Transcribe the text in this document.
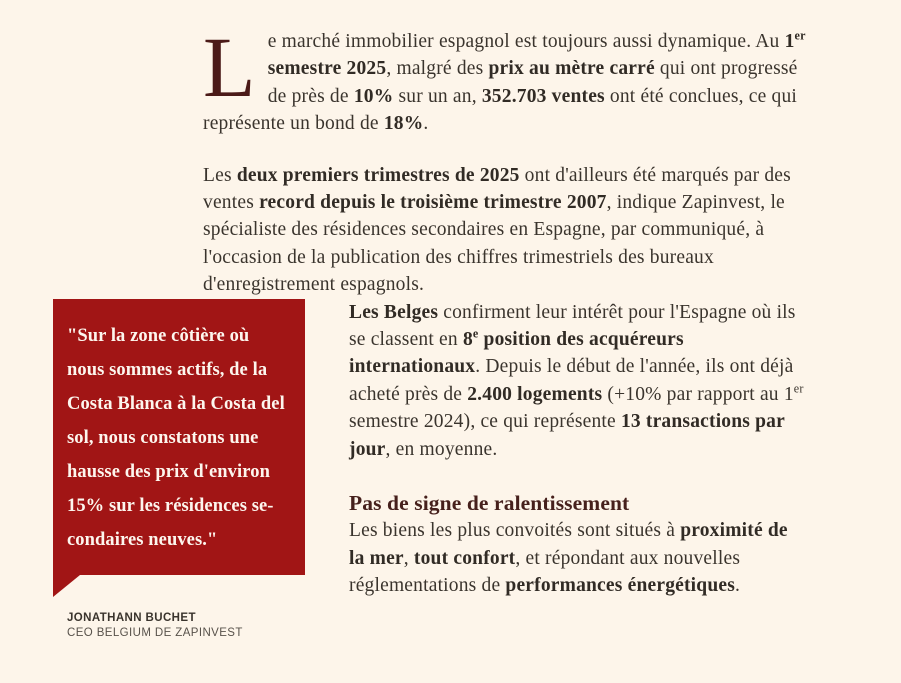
Le marché immobilier espagnol est toujours aussi dynamique. Au 1er semestre 2025, malgré des prix au mètre carré qui ont progressé de près de 10% sur un an, 352.703 ventes ont été conclues, ce qui représente un bond de 18%.

Les deux premiers trimestres de 2025 ont d'ailleurs été marqués par des ventes record depuis le troisième trimestre 2007, indique Zapinvest, le spécialiste des résidences secondaires en Espagne, par communiqué, à l'occasion de la publication des chiffres trimestriels des bureaux d'enregistrement espagnols.

"Sur la zone côtière où nous sommes actifs, de la Costa Blanca à la Costa del sol, nous constatons une hausse des prix d'environ 15% sur les résidences se-condaires neuves."

JONATHANN BUCHET
CEO BELGIUM DE ZAPINVEST

Les Belges confirment leur intérêt pour l'Espagne où ils se classent en 8e position des acquéreurs internationaux. Depuis le début de l'année, ils ont déjà acheté près de 2.400 logements (+10% par rapport au 1er semestre 2024), ce qui représente 13 transactions par jour, en moyenne.

Pas de signe de ralentissement

Les biens les plus convoités sont situés à proximité de la mer, tout confort, et répondant aux nouvelles réglementations de performances énergétiques.
